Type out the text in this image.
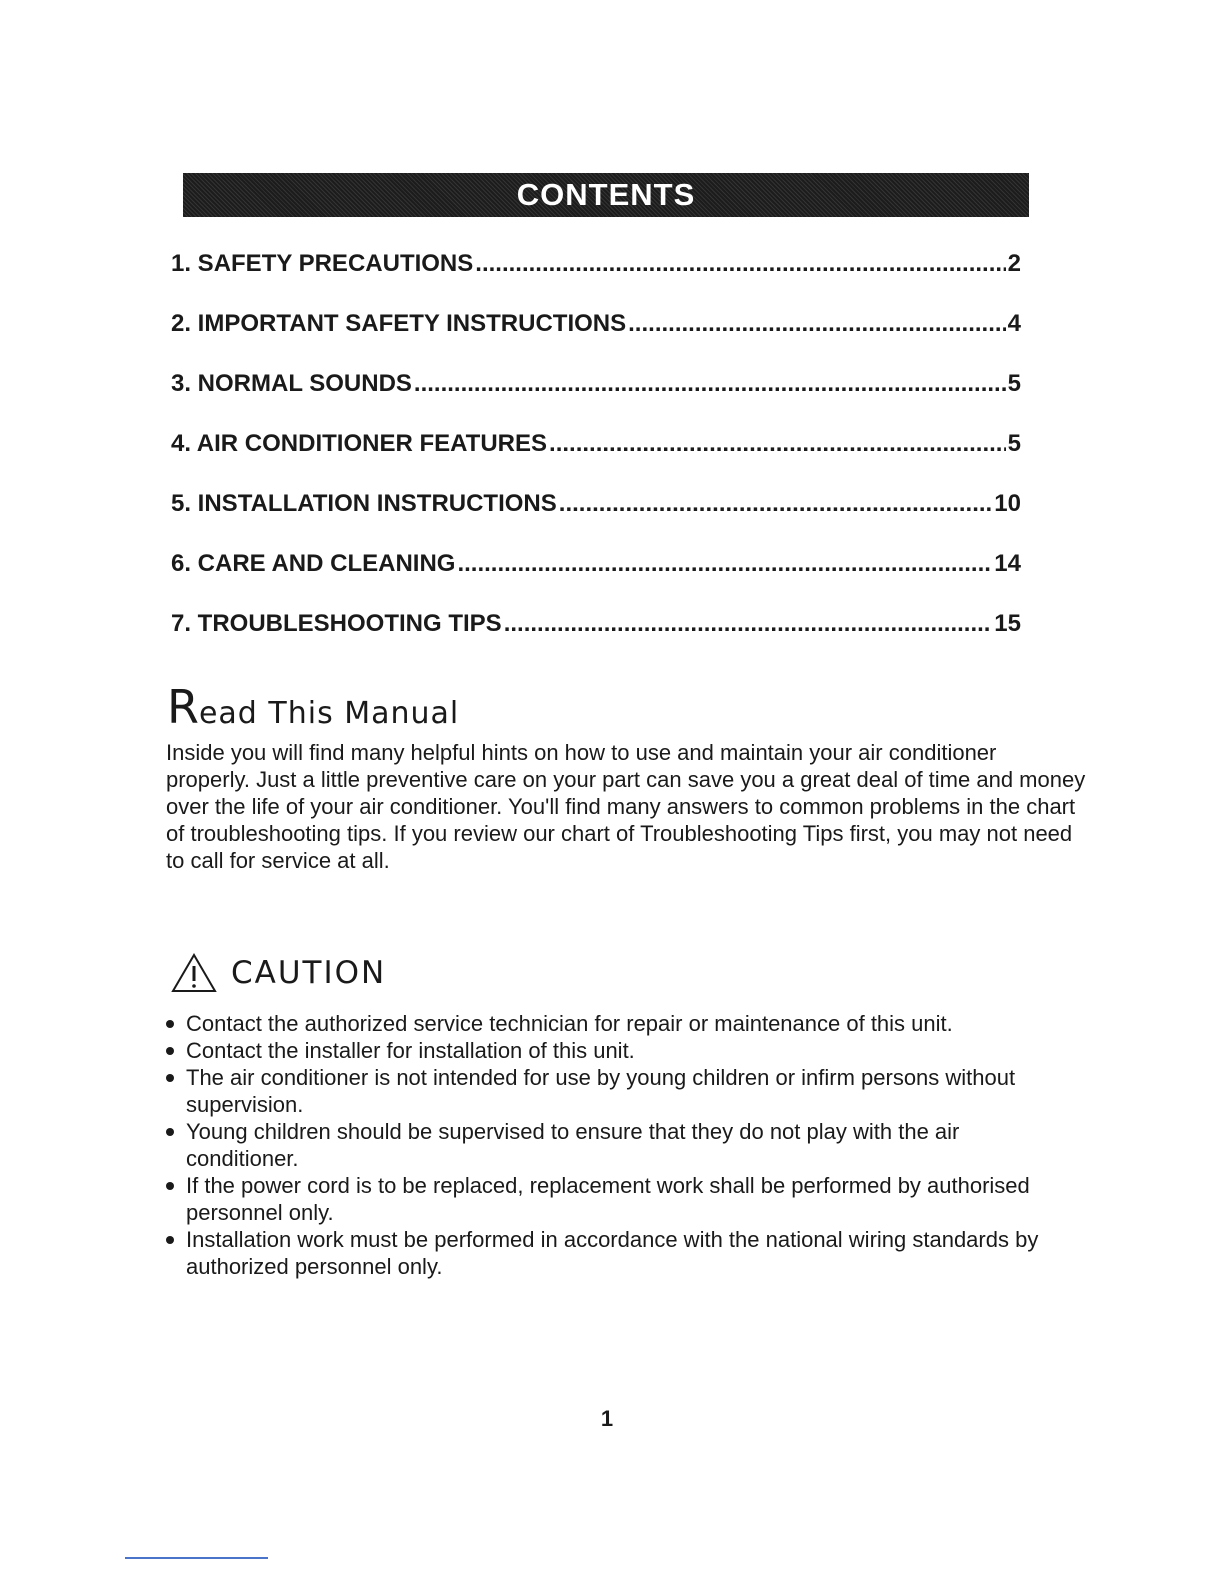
CONTENTS
1. SAFETY PRECAUTIONS .....	2
2. IMPORTANT SAFETY INSTRUCTIONS .....	4
3. NORMAL SOUNDS .....	5
4. AIR CONDITIONER FEATURES .....	5
5. INSTALLATION INSTRUCTIONS .....	10
6. CARE AND CLEANING .....	14
7. TROUBLESHOOTING TIPS .....	15
Read This Manual

Inside you will find many helpful hints on how to use and maintain your air conditioner properly. Just a little preventive care on your part can save you a great deal of time and money over the life of your air conditioner. You'll find many answers to common problems in the chart of troubleshooting tips. If you review our chart of Troubleshooting Tips first, you may not need to call for service at all.

CAUTION
Contact the authorized service technician for repair or maintenance of this unit.
Contact the installer for installation of this unit.
The air conditioner is not intended for use by young children or infirm persons without supervision.
Young children should be supervised to ensure that they do not play with the air conditioner.
If the power cord is to be replaced, replacement work shall be performed by authorised personnel only.
Installation work must be performed in accordance with the national wiring standards by authorized personnel only.
1
